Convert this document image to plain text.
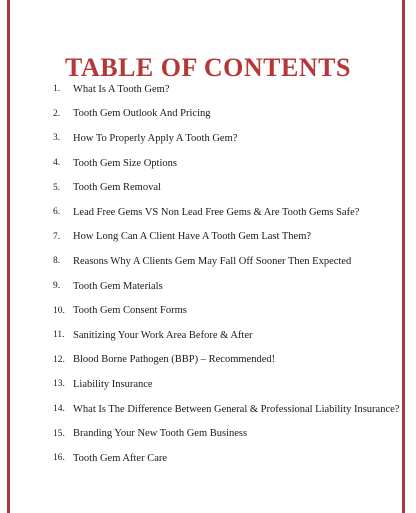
TABLE OF CONTENTS
1.	What Is A Tooth Gem?
2.	Tooth Gem Outlook And Pricing
3.	How To Properly Apply A Tooth Gem?
4.	Tooth Gem Size Options
5.	Tooth Gem Removal
6.	Lead Free Gems VS Non Lead Free Gems & Are Tooth Gems Safe?
7.	How Long Can A Client Have A Tooth Gem Last Them?
8.	Reasons Why A Clients Gem May Fall Off Sooner Then Expected
9.	Tooth Gem Materials
10. Tooth Gem Consent Forms
11. Sanitizing Your Work Area Before & After
12. Blood Borne Pathogen (BBP) – Recommended!
13. Liability Insurance
14. What Is The Difference Between General & Professional Liability Insurance?
15. Branding Your New Tooth Gem Business
16. Tooth Gem After Care
